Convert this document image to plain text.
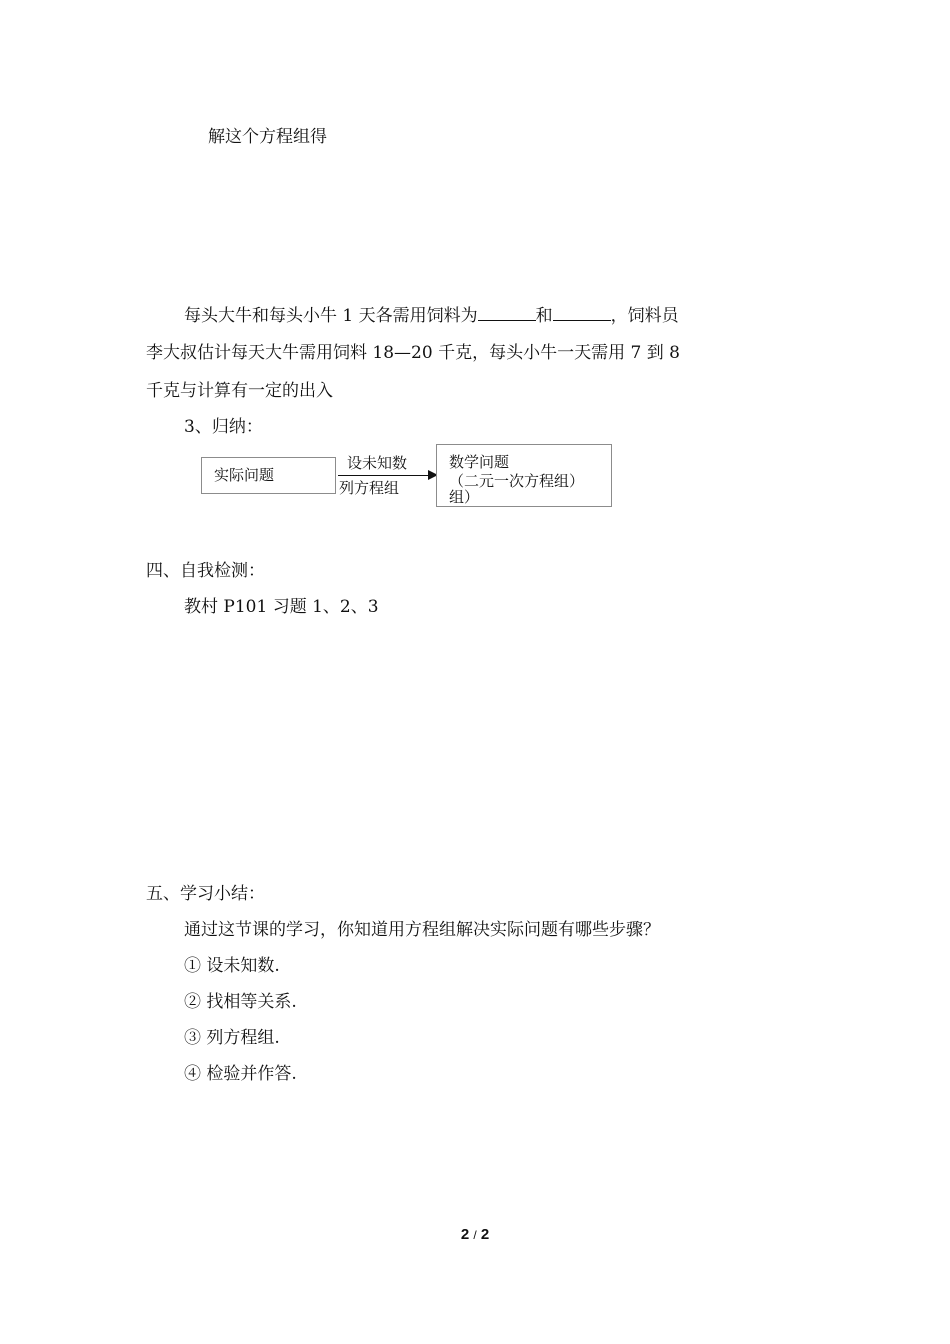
解这个方程组得
每头大牛和每头小牛 1 天各需用饲料为	和	，饲料员
李大叔估计每天大牛需用饲料 18—20 千克，每头小牛一天需用 7 到 8
千克与计算有一定的出入
3、归纳：
实际问题
设未知数
列方程组
数学问题
（二元一次方程组）
组）
四、自我检测：
教村 P101 习题 1、2、3
五、学习小结：
通过这节课的学习，你知道用方程组解决实际问题有哪些步骤？
① 设未知数.
② 找相等关系.
③ 列方程组.
④ 检验并作答.
2 / 2
